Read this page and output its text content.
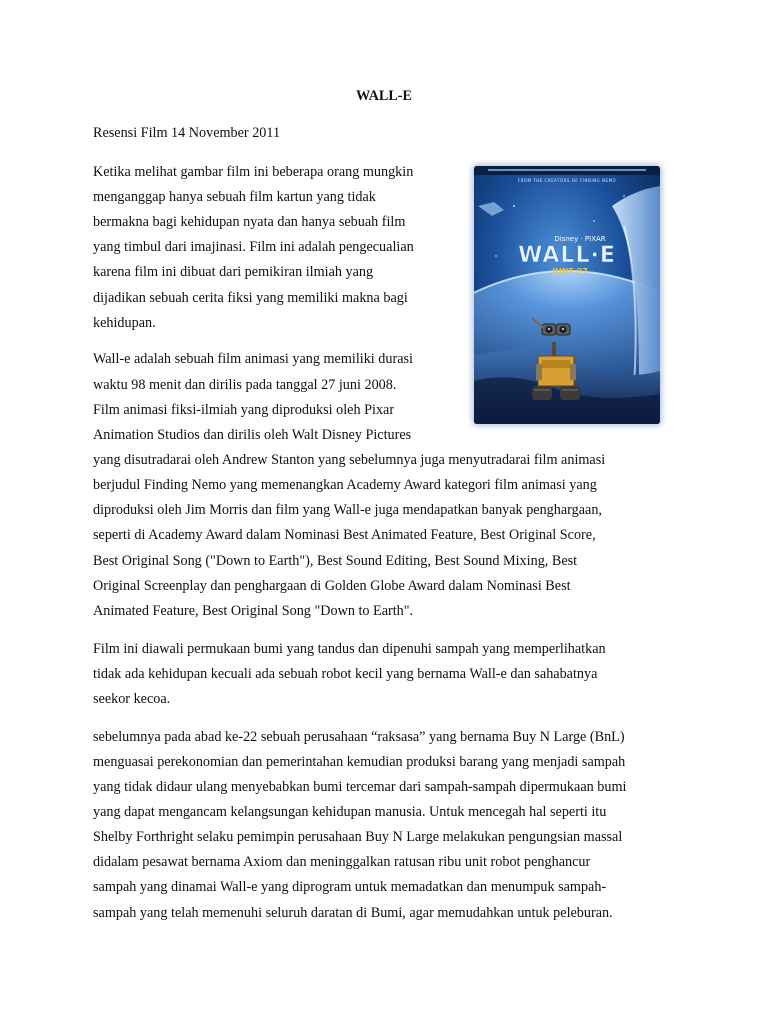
WALL-E
Resensi Film 14 November 2011
Ketika melihat gambar film ini beberapa orang mungkin
menganggap hanya sebuah film kartun yang tidak
bermakna bagi kehidupan nyata dan hanya sebuah film
yang timbul dari imajinasi. Film ini adalah pengecualian
karena film ini dibuat dari pemikiran ilmiah yang
dijadikan sebuah cerita fiksi yang memiliki makna bagi
kehidupan.
Wall-e adalah sebuah film animasi yang memiliki durasi
waktu 98 menit dan dirilis pada tanggal 27 juni 2008.
Film animasi fiksi-ilmiah yang diproduksi oleh Pixar
Animation Studios dan dirilis oleh Walt Disney Pictures
yang disutradarai oleh Andrew Stanton yang sebelumnya juga menyutradarai film animasi
berjudul Finding Nemo yang memenangkan Academy Award kategori film animasi yang
diproduksi oleh Jim Morris dan film yang Wall-e juga mendapatkan banyak penghargaan,
seperti di Academy Award dalam Nominasi Best Animated Feature, Best Original Score,
Best Original Song ("Down to Earth"), Best Sound Editing, Best Sound Mixing, Best
Original Screenplay dan penghargaan di Golden Globe Award dalam Nominasi Best
Animated Feature, Best Original Song "Down to Earth".
Film ini diawali permukaan bumi yang tandus dan dipenuhi sampah yang memperlihatkan
tidak ada kehidupan kecuali ada sebuah robot kecil yang bernama Wall-e dan sahabatnya
seekor kecoa.
sebelumnya pada abad ke-22 sebuah perusahaan “raksasa” yang bernama Buy N Large (BnL)
menguasai perekonomian dan pemerintahan kemudian produksi barang yang menjadi sampah
yang tidak didaur ulang menyebabkan bumi tercemar dari sampah-sampah dipermukaan bumi
yang dapat mengancam kelangsungan kehidupan manusia. Untuk mencegah hal seperti itu
Shelby Forthright selaku pemimpin perusahaan Buy N Large melakukan pengungsian massal
didalam pesawat bernama Axiom dan meninggalkan ratusan ribu unit robot penghancur
sampah yang dinamai Wall-e yang diprogram untuk memadatkan dan menumpuk sampah-
sampah yang telah memenuhi seluruh daratan di Bumi, agar memudahkan untuk peleburan.
FROM THE CREATORS OF FINDING NEMO
Disney · PIXAR
WALL·E
JUNE 27
